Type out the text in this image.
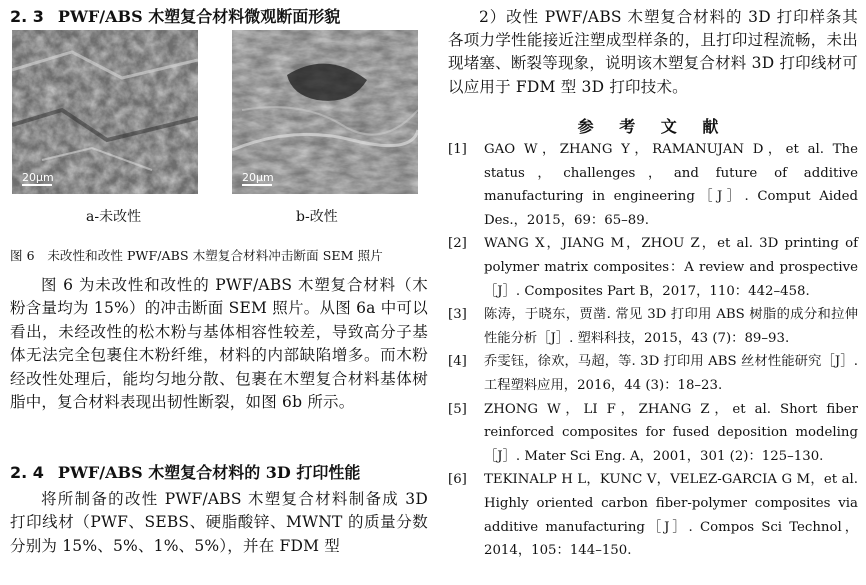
2. 3 PWF/ABS 木塑复合材料微观断面形貌
20μm	20μm
a-未改性	b-改性
图 6　未改性和改性 PWF/ABS 木塑复合材料冲击断面 SEM 照片

图 6 为未改性和改性的 PWF/ABS 木塑复合材料（木粉含量均为 15%）的冲击断面 SEM 照片。从图 6a 中可以看出，未经改性的松木粉与基体相容性较差，导致高分子基体无法完全包裹住木粉纤维，材料的内部缺陷增多。而木粉经改性处理后，能均匀地分散、包裹在木塑复合材料基体树脂中，复合材料表现出韧性断裂，如图 6b 所示。

2. 4 PWF/ABS 木塑复合材料的 3D 打印性能

将所制备的改性 PWF/ABS 木塑复合材料制备成 3D 打印线材（PWF、SEBS、硬脂酸锌、MWNT 的质量分数分别为 15%、5%、1%、5%），并在 FDM 型

2）改性 PWF/ABS 木塑复合材料的 3D 打印样条其各项力学性能接近注塑成型样条的，且打印过程流畅，未出现堵塞、断裂等现象，说明该木塑复合材料 3D 打印线材可以应用于 FDM 型 3D 打印技术。

参 考 文 献
[1] GAO W，ZHANG Y，RAMANUJAN D，et al. The status，challenges，and future of additive manufacturing in engineering［J］. Comput Aided Des.，2015，69：65–89.
[2] WANG X，JIANG M，ZHOU Z，et al. 3D printing of polymer matrix composites：A review and prospective［J］. Composites Part B，2017，110：442–458.
[3] 陈涛，于晓东，贾凿. 常见 3D 打印用 ABS 树脂的成分和拉伸性能分析［J］. 塑料科技，2015，43 (7)：89–93.
[4] 乔雯钰，徐欢，马超，等. 3D 打印用 ABS 丝材性能研究［J］. 工程塑料应用，2016，44 (3)：18–23.
[5] ZHONG W，LI F，ZHANG Z，et al. Short fiber reinforced composites for fused deposition modeling［J］. Mater Sci Eng. A，2001，301 (2)：125–130.
[6] TEKINALP H L，KUNC V，VELEZ-GARCIA G M，et al. Highly oriented carbon fiber-polymer composites via additive manufacturing［J］. Compos Sci Technol，2014，105：144–150.
